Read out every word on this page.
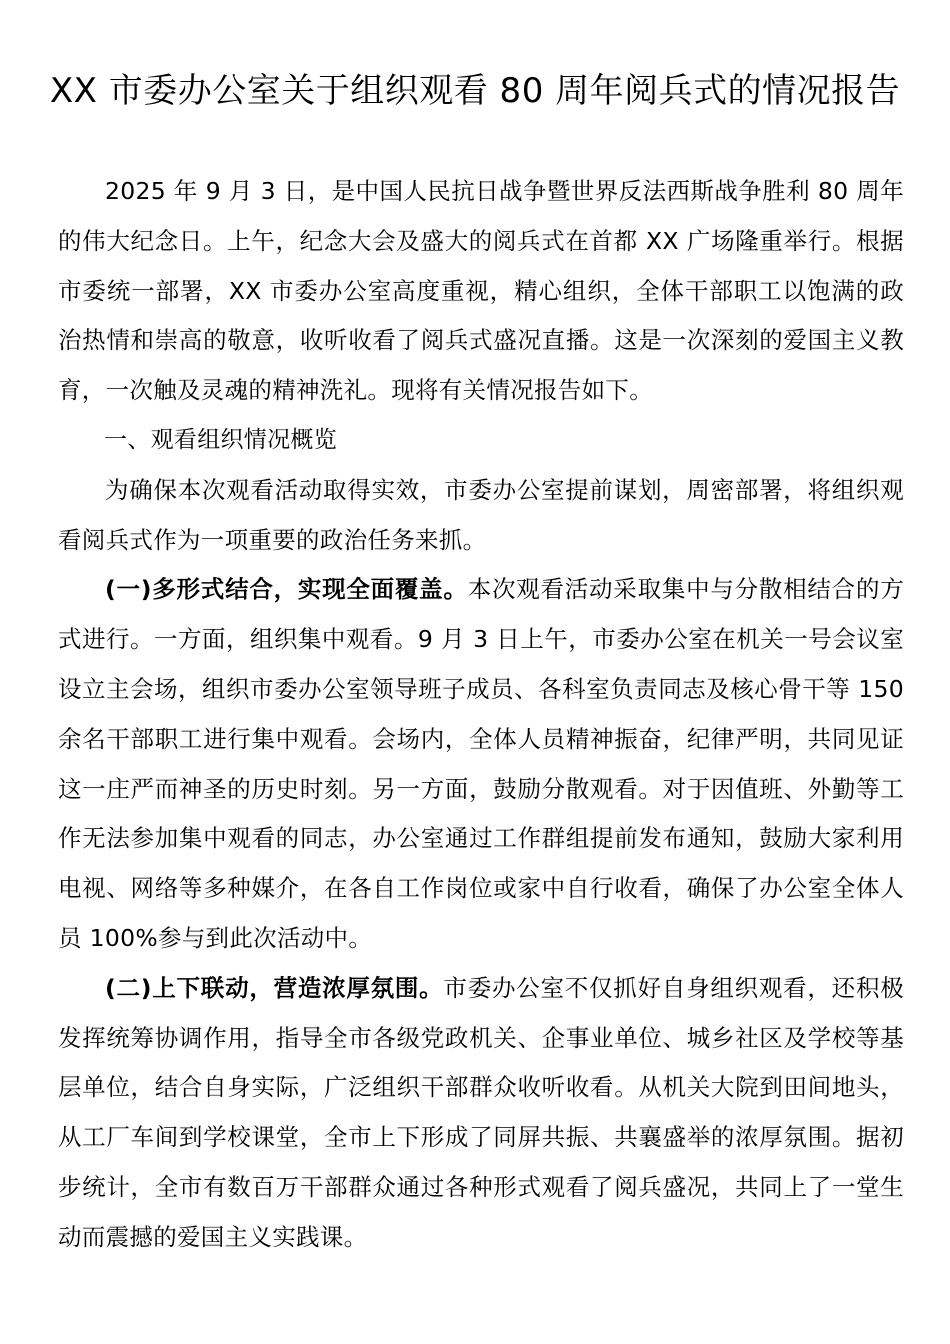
XX 市委办公室关于组织观看 80 周年阅兵式的情况报告

2025 年 9 月 3 日，是中国人民抗日战争暨世界反法西斯战争胜利 80 周年的伟大纪念日。上午，纪念大会及盛大的阅兵式在首都 XX 广场隆重举行。根据市委统一部署，XX 市委办公室高度重视，精心组织，全体干部职工以饱满的政治热情和崇高的敬意，收听收看了阅兵式盛况直播。这是一次深刻的爱国主义教育，一次触及灵魂的精神洗礼。现将有关情况报告如下。

一、观看组织情况概览

为确保本次观看活动取得实效，市委办公室提前谋划，周密部署，将组织观看阅兵式作为一项重要的政治任务来抓。

(一)多形式结合，实现全面覆盖。本次观看活动采取集中与分散相结合的方式进行。一方面，组织集中观看。9 月 3 日上午，市委办公室在机关一号会议室设立主会场，组织市委办公室领导班子成员、各科室负责同志及核心骨干等 150 余名干部职工进行集中观看。会场内，全体人员精神振奋，纪律严明，共同见证这一庄严而神圣的历史时刻。另一方面，鼓励分散观看。对于因值班、外勤等工作无法参加集中观看的同志，办公室通过工作群组提前发布通知，鼓励大家利用电视、网络等多种媒介，在各自工作岗位或家中自行收看，确保了办公室全体人员 100%参与到此次活动中。

(二)上下联动，营造浓厚氛围。市委办公室不仅抓好自身组织观看，还积极发挥统筹协调作用，指导全市各级党政机关、企事业单位、城乡社区及学校等基层单位，结合自身实际，广泛组织干部群众收听收看。从机关大院到田间地头，从工厂车间到学校课堂，全市上下形成了同屏共振、共襄盛举的浓厚氛围。据初步统计，全市有数百万干部群众通过各种形式观看了阅兵盛况，共同上了一堂生动而震撼的爱国主义实践课。
